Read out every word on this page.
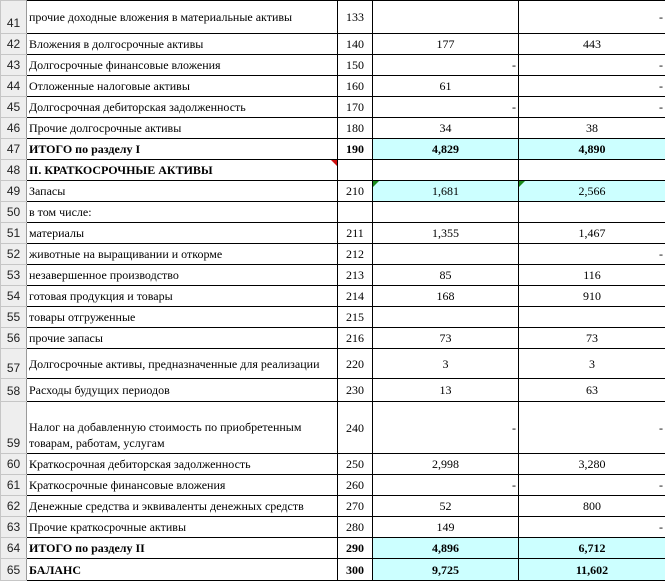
41	прочие доходные вложения в материальные активы	133		-
42	Вложения в долгосрочные активы	140	177	443
43	Долгосрочные финансовые вложения	150	-	-
44	Отложенные налоговые активы	160	61	-
45	Долгосрочная дебиторская задолженность	170	-	-
46	Прочие долгосрочные активы	180	34	38
47	ИТОГО по разделу I	190	4,829	4,890
48	II. КРАТКОСРОЧНЫЕ АКТИВЫ

49	Запасы	210	1,681	2,566

50	в том числе:			
51	материалы	211	1,355	1,467
52	животные на выращивании и откорме	212		-
53	незавершенное производство	213	85	116
54	готовая продукция и товары	214	168	910
55	товары отгруженные	215		
56	прочие запасы	216	73	73
57	Долгосрочные активы, предназначенные для реализации	220	3	3
58	Расходы будущих периодов	230	13	63
59	Налог на добавленную стоимость по приобретенным товарам, работам, услугам	240	-	-
60	Краткосрочная дебиторская задолженность	250	2,998	3,280
61	Краткосрочные финансовые вложения	260	-	-
62	Денежные средства и эквиваленты денежных средств	270	52	800
63	Прочие краткосрочные активы	280	149	-
64	ИТОГО по разделу II	290	4,896	6,712
65	БАЛАНС	300	9,725	11,602
